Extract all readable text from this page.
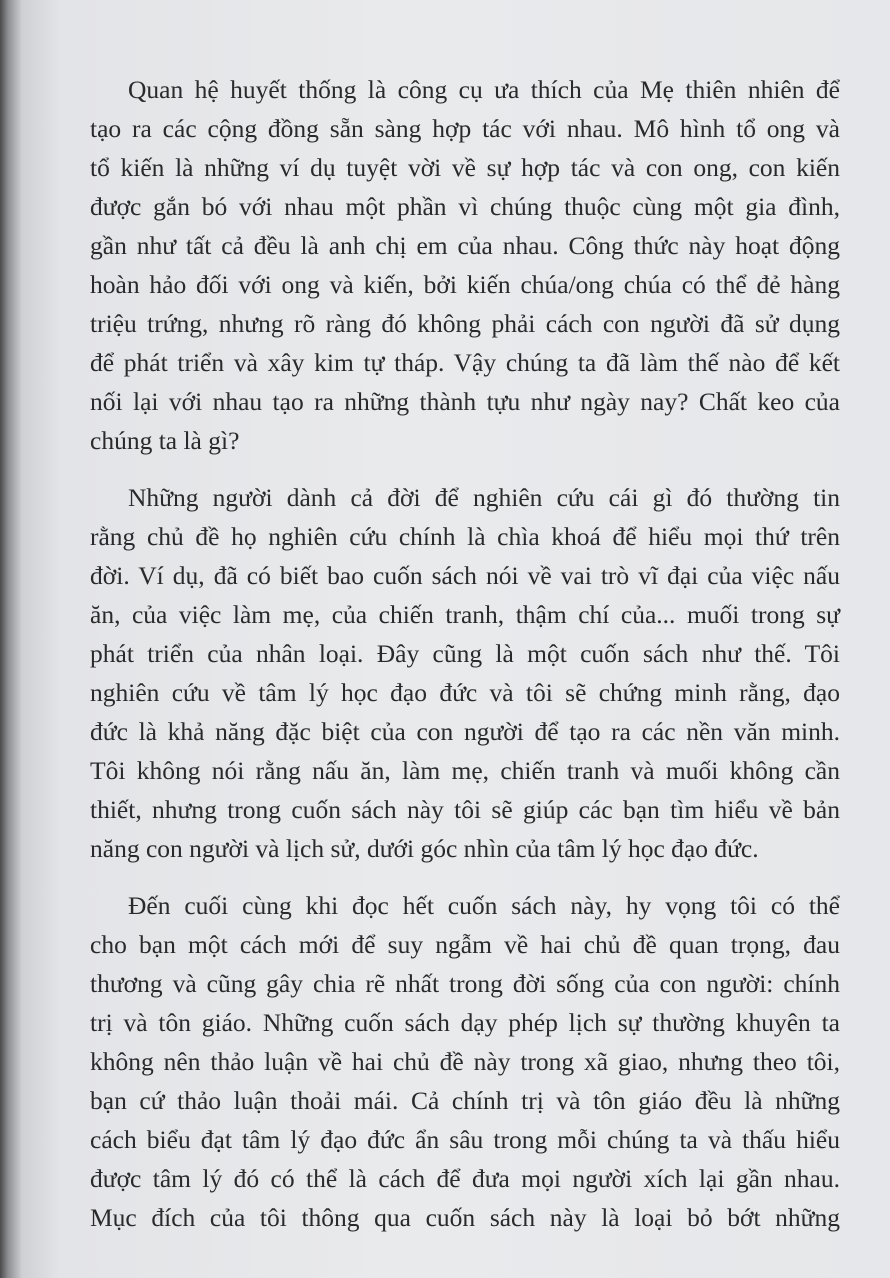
Quan hệ huyết thống là công cụ ưa thích của Mẹ thiên nhiên để
tạo ra các cộng đồng sẵn sàng hợp tác với nhau. Mô hình tổ ong và
tổ kiến là những ví dụ tuyệt vời về sự hợp tác và con ong, con kiến
được gắn bó với nhau một phần vì chúng thuộc cùng một gia đình,
gần như tất cả đều là anh chị em của nhau. Công thức này hoạt động
hoàn hảo đối với ong và kiến, bởi kiến chúa/ong chúa có thể đẻ hàng
triệu trứng, nhưng rõ ràng đó không phải cách con người đã sử dụng
để phát triển và xây kim tự tháp. Vậy chúng ta đã làm thế nào để kết
nối lại với nhau tạo ra những thành tựu như ngày nay? Chất keo của
chúng ta là gì?
Những người dành cả đời để nghiên cứu cái gì đó thường tin
rằng chủ đề họ nghiên cứu chính là chìa khoá để hiểu mọi thứ trên
đời. Ví dụ, đã có biết bao cuốn sách nói về vai trò vĩ đại của việc nấu
ăn, của việc làm mẹ, của chiến tranh, thậm chí của... muối trong sự
phát triển của nhân loại. Đây cũng là một cuốn sách như thế. Tôi
nghiên cứu về tâm lý học đạo đức và tôi sẽ chứng minh rằng, đạo
đức là khả năng đặc biệt của con người để tạo ra các nền văn minh.
Tôi không nói rằng nấu ăn, làm mẹ, chiến tranh và muối không cần
thiết, nhưng trong cuốn sách này tôi sẽ giúp các bạn tìm hiểu về bản
năng con người và lịch sử, dưới góc nhìn của tâm lý học đạo đức.
Đến cuối cùng khi đọc hết cuốn sách này, hy vọng tôi có thể
cho bạn một cách mới để suy ngẫm về hai chủ đề quan trọng, đau
thương và cũng gây chia rẽ nhất trong đời sống của con người: chính
trị và tôn giáo. Những cuốn sách dạy phép lịch sự thường khuyên ta
không nên thảo luận về hai chủ đề này trong xã giao, nhưng theo tôi,
bạn cứ thảo luận thoải mái. Cả chính trị và tôn giáo đều là những
cách biểu đạt tâm lý đạo đức ẩn sâu trong mỗi chúng ta và thấu hiểu
được tâm lý đó có thể là cách để đưa mọi người xích lại gần nhau.
Mục đích của tôi thông qua cuốn sách này là loại bỏ bớt những
